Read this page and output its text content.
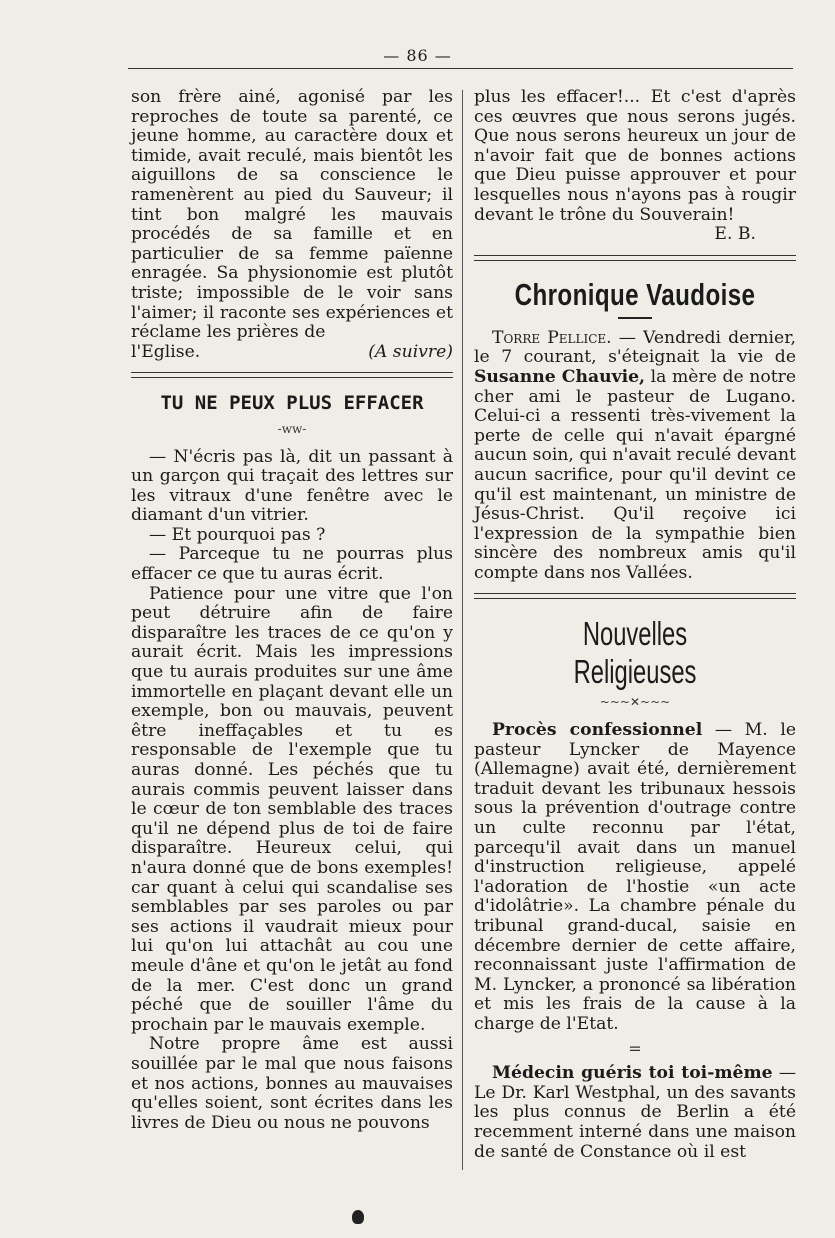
— 86 —

son frère ainé, agonisé par les reproches de toute sa parenté, ce jeune homme, au caractère doux et timide, avait reculé, mais bientôt les aiguillons de sa conscience le ramenèrent au pied du Sauveur; il tint bon malgré les mauvais procédés de sa famille et en particulier de sa femme païenne enragée. Sa physionomie est plutôt triste; impossible de le voir sans l'aimer; il raconte ses expériences et réclame les prières de

l'Eglise.	(A suivre)
TU NE PEUX PLUS EFFACER
-ww-

— N'écris pas là, dit un passant à un garçon qui traçait des lettres sur les vitraux d'une fenêtre avec le diamant d'un vitrier.

— Et pourquoi pas ?

— Parceque tu ne pourras plus effacer ce que tu auras écrit.

Patience pour une vitre que l'on peut détruire afin de faire disparaître les traces de ce qu'on y aurait écrit. Mais les impressions que tu aurais produites sur une âme immortelle en plaçant devant elle un exemple, bon ou mauvais, peuvent être ineffaçables et tu es responsable de l'exemple que tu auras donné. Les péchés que tu aurais commis peuvent laisser dans le cœur de ton semblable des traces qu'il ne dépend plus de toi de faire disparaître. Heureux celui, qui n'aura donné que de bons exemples! car quant à celui qui scandalise ses semblables par ses paroles ou par ses actions il vaudrait mieux pour lui qu'on lui attachât au cou une meule d'âne et qu'on le jetât au fond de la mer. C'est donc un grand péché que de souiller l'âme du prochain par le mauvais exemple.

Notre propre âme est aussi souillée par le mal que nous faisons et nos actions, bonnes au mauvaises qu'elles soient, sont écrites dans les livres de Dieu ou nous ne pouvons

plus les effacer!... Et c'est d'après ces œuvres que nous serons jugés. Que nous serons heureux un jour de n'avoir fait que de bonnes actions que Dieu puisse approuver et pour lesquelles nous n'ayons pas à rougir devant le trône du Souverain!

E. B.

Chronique Vaudoise

Torre Pellice. — Vendredi dernier, le 7 courant, s'éteignait la vie de Susanne Chauvie, la mère de notre cher ami le pasteur de Lugano. Celui-ci a ressenti très-vivement la perte de celle qui n'avait épargné aucun soin, qui n'avait reculé devant aucun sacrifice, pour qu'il devint ce qu'il est maintenant, un ministre de Jésus-Christ. Qu'il reçoive ici l'expression de la sympathie bien sincère des nombreux amis qu'il compte dans nos Vallées.

Nouvelles Religieuses
~~~✕~~~

Procès confessionnel — M. le pasteur Lyncker de Mayence (Allemagne) avait été, dernièrement traduit devant les tribunaux hessois sous la prévention d'outrage contre un culte reconnu par l'état, parcequ'il avait dans un manuel d'instruction religieuse, appelé l'adoration de l'hostie «un acte d'idolâtrie». La chambre pénale du tribunal grand-ducal, saisie en décembre dernier de cette affaire, reconnaissant juste l'affirmation de M. Lyncker, a prononcé sa libération et mis les frais de la cause à la charge de l'Etat.

=

Médecin guéris toi toi-même — Le Dr. Karl Westphal, un des savants les plus connus de Berlin a été recemment interné dans une maison de santé de Constance où il est
